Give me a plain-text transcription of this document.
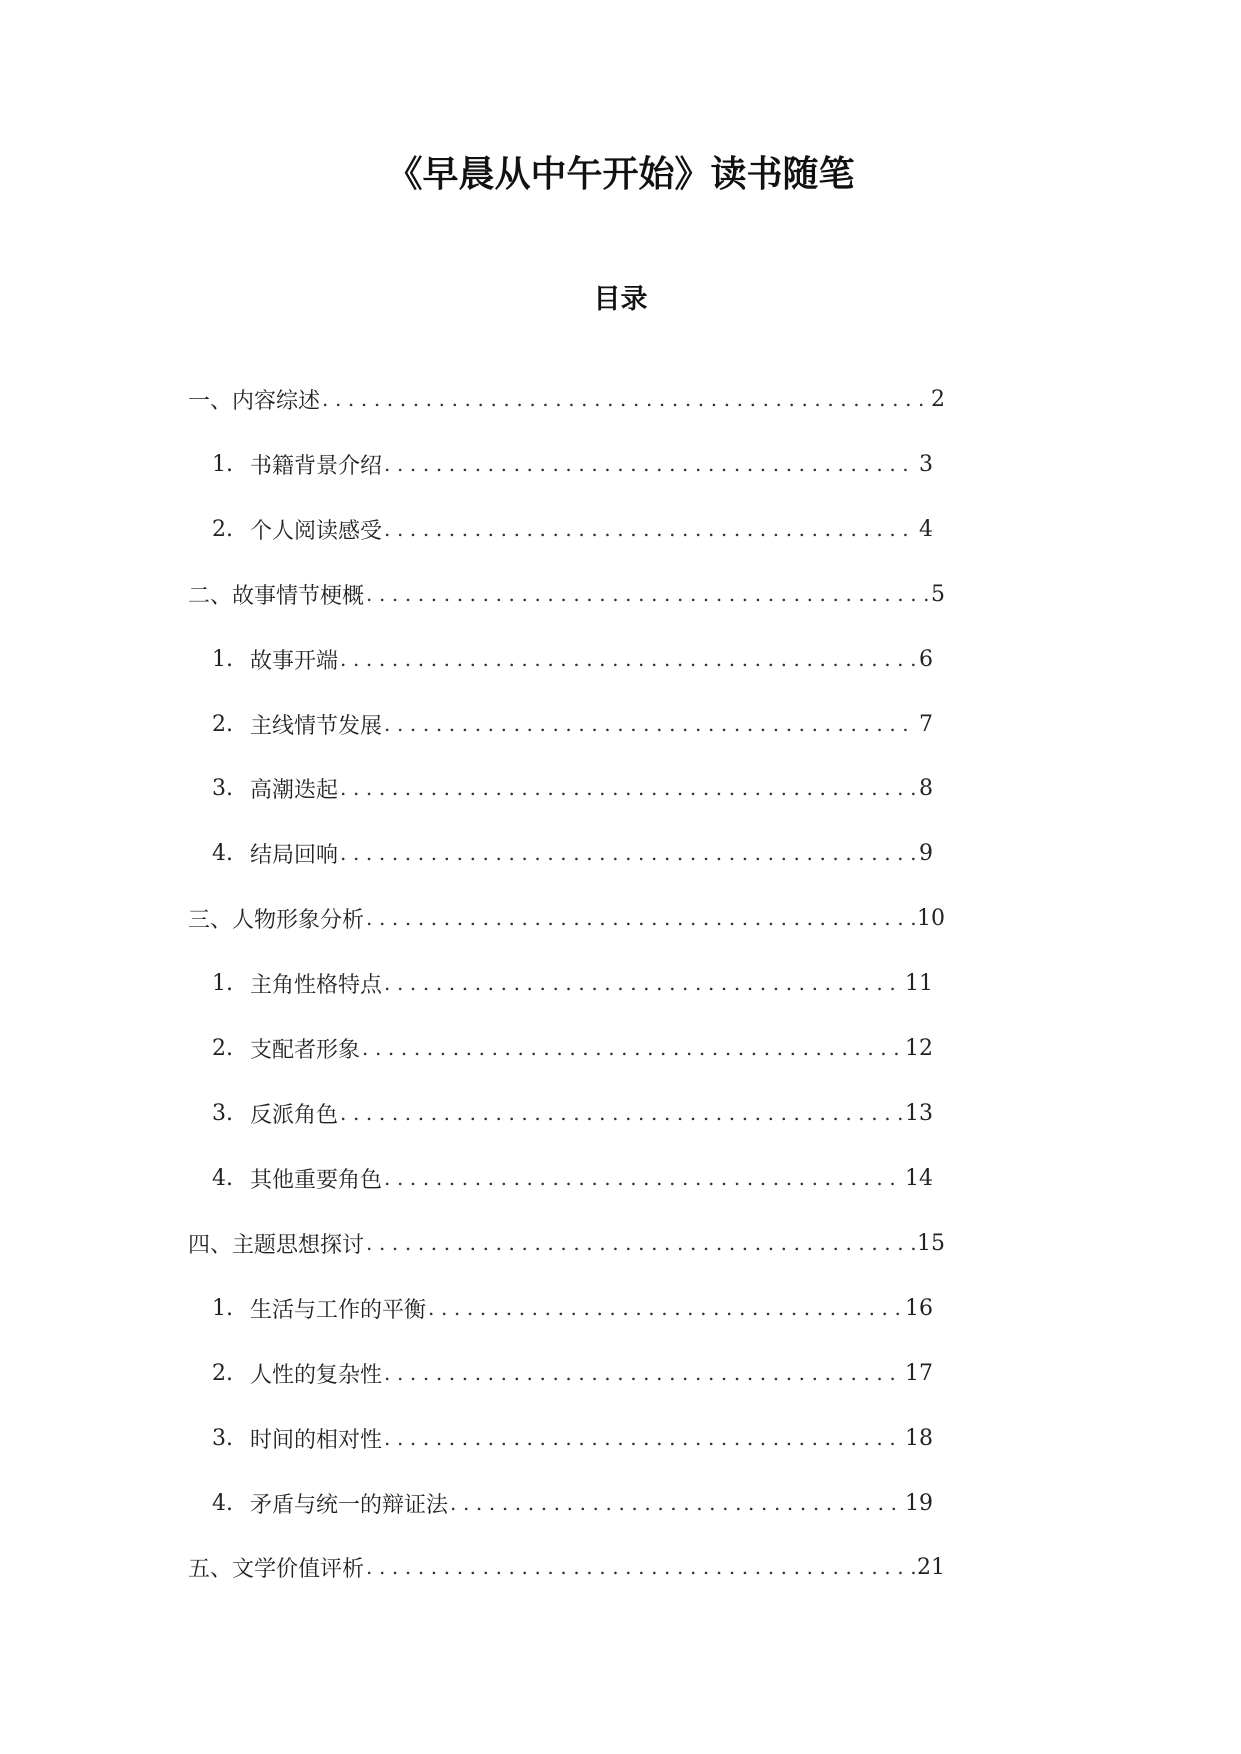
《早晨从中午开始》读书随笔
目录
一、内容综述 .....	2
1. 书籍背景介绍 .....	3
2. 个人阅读感受 .....	4
二、故事情节梗概 .....	5
1. 故事开端 .....	6
2. 主线情节发展 .....	7
3. 高潮迭起 .....	8
4. 结局回响 .....	9
三、人物形象分析 .....	10
1. 主角性格特点 .....	11
2. 支配者形象 .....	12
3. 反派角色 .....	13
4. 其他重要角色 .....	14
四、主题思想探讨 .....	15
1. 生活与工作的平衡 .....	16
2. 人性的复杂性 .....	17
3. 时间的相对性 .....	18
4. 矛盾与统一的辩证法 .....	19
五、文学价值评析 .....	21
